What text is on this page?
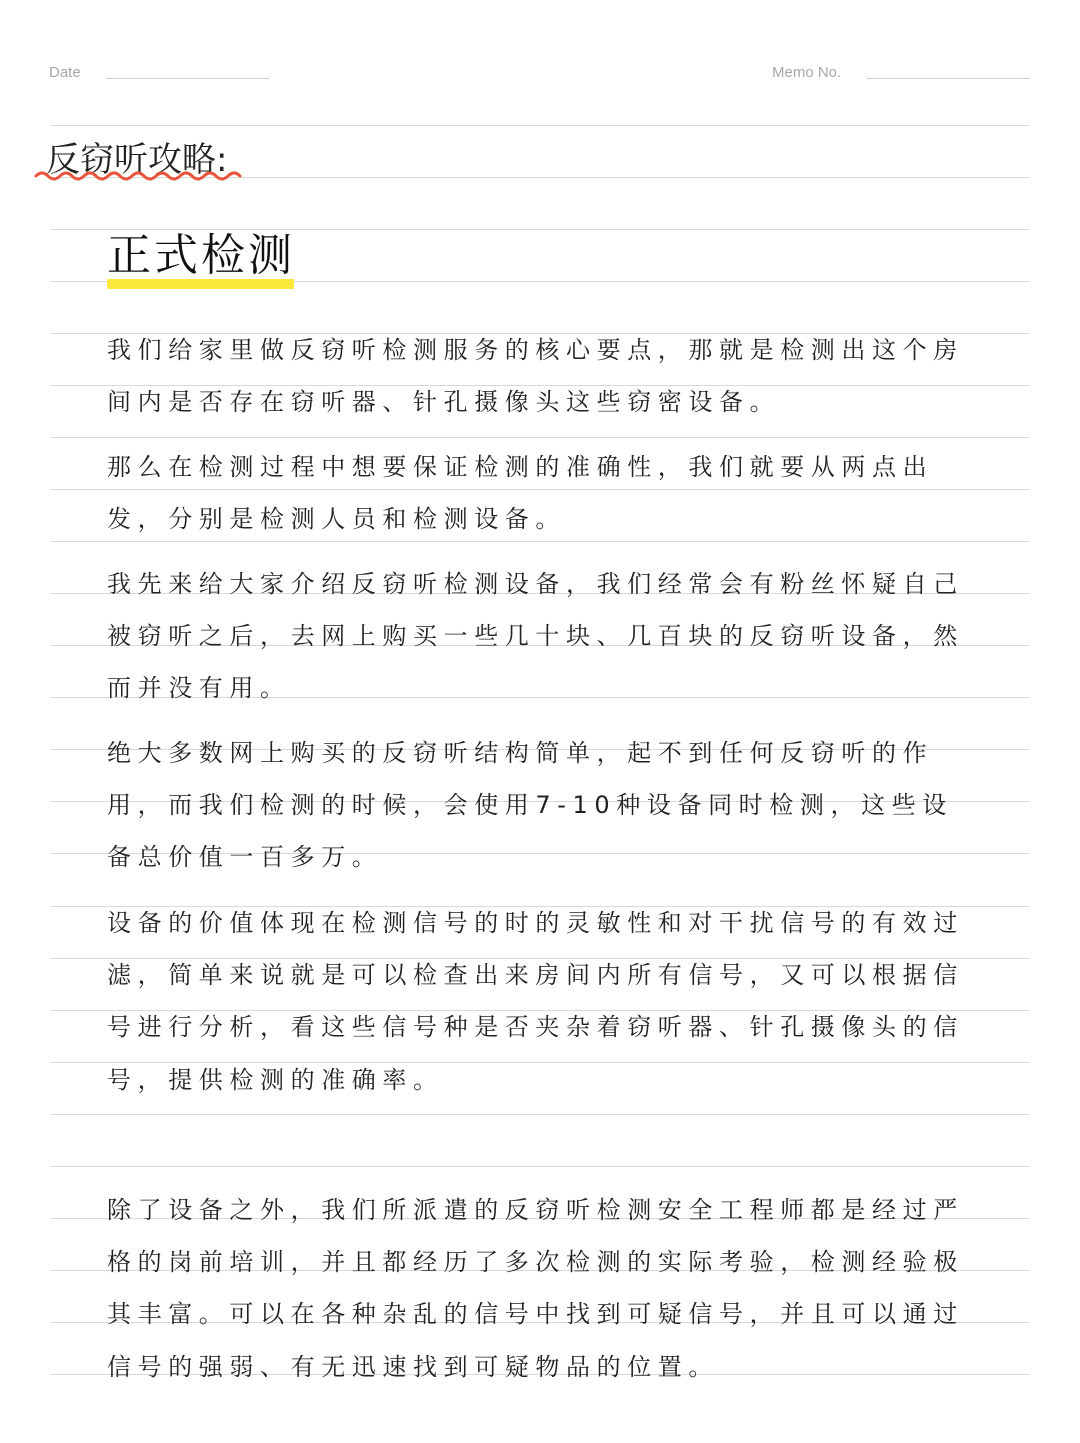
Date	Memo No.
反窃听攻略:
正式检测
我们给家里做反窃听检测服务的核心要点，那就是检测出这个房间内是否存在窃听器、针孔摄像头这些窃密设备。
那么在检测过程中想要保证检测的准确性，我们就要从两点出发，分别是检测人员和检测设备。
我先来给大家介绍反窃听检测设备，我们经常会有粉丝怀疑自己被窃听之后，去网上购买一些几十块、几百块的反窃听设备，然而并没有用。
绝大多数网上购买的反窃听结构简单，起不到任何反窃听的作用，而我们检测的时候，会使用7-10种设备同时检测，这些设备总价值一百多万。
设备的价值体现在检测信号的时的灵敏性和对干扰信号的有效过滤，简单来说就是可以检查出来房间内所有信号，又可以根据信号进行分析，看这些信号种是否夹杂着窃听器、针孔摄像头的信号，提供检测的准确率。
除了设备之外，我们所派遣的反窃听检测安全工程师都是经过严格的岗前培训，并且都经历了多次检测的实际考验，检测经验极其丰富。可以在各种杂乱的信号中找到可疑信号，并且可以通过信号的强弱、有无迅速找到可疑物品的位置。
